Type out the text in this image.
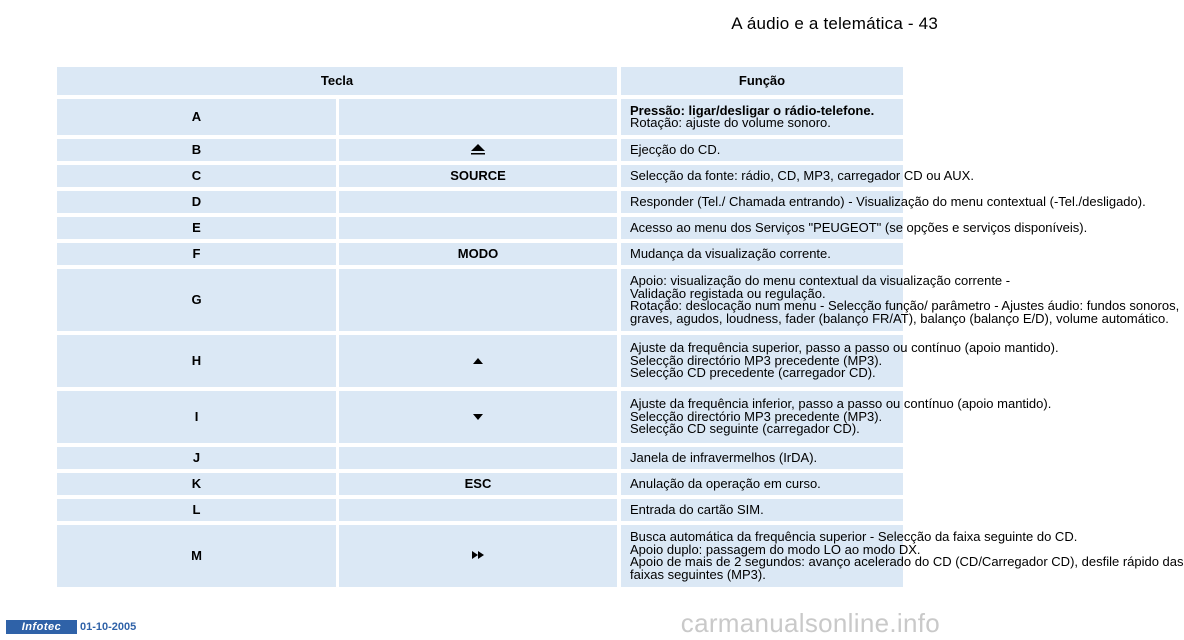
A áudio e a telemática - 43
Tecla		Função
A		Pressão: ligar/desligar o rádio-telefone.
Rotação: ajuste do volume sonoro.

B		Ejecção do CD.

C	SOURCE	Selecção da fonte: rádio, CD, MP3, carregador CD ou AUX.

D		Responder (Tel./ Chamada entrando) - Visualização do menu contextual (-Tel./desligado).

E		Acesso ao menu dos Serviços "PEUGEOT" (se opções e serviços disponíveis).

F	MODO	Mudança da visualização corrente.

G		Apoio: visualização do menu contextual da visualização corrente -
Validação registada ou regulação.
Rotação: deslocação num menu - Selecção função/ parâmetro - Ajustes áudio: fundos sonoros,
graves, agudos, loudness, fader (balanço FR/AT), balanço (balanço E/D), volume automático.

H		Ajuste da frequência superior, passo a passo ou contínuo (apoio mantido).
Selecção directório MP3 precedente (MP3).
Selecção CD precedente (carregador CD).

I		Ajuste da frequência inferior, passo a passo ou contínuo (apoio mantido).
Selecção directório MP3 precedente (MP3).
Selecção CD seguinte (carregador CD).

J		Janela de infravermelhos (IrDA).

K	ESC	Anulação da operação em curso.

L		Entrada do cartão SIM.

M		Busca automática da frequência superior - Selecção da faixa seguinte do CD.
Apoio duplo: passagem do modo LO ao modo DX.
Apoio de mais de 2 segundos: avanço acelerado do CD (CD/Carregador CD), desfile rápido das
faixas seguintes (MP3).
Infotec	01-10-2005	carmanualsonline.info
